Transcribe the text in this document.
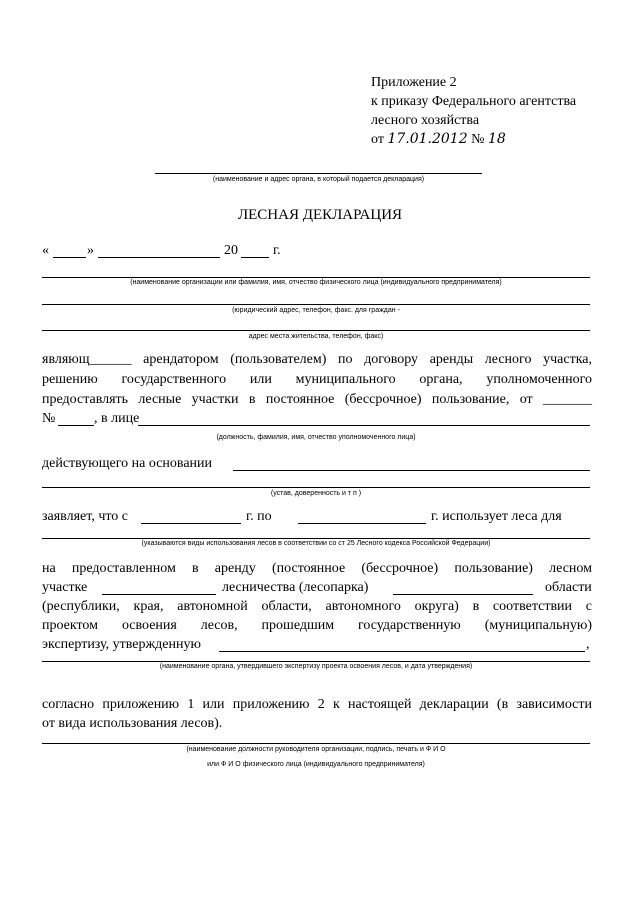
Приложение 2
к приказу Федерального агентства
лесного хозяйства
от 17.01.2012 № 18
(наименование и адрес органа, в который подается декларация)
ЛЕСНАЯ ДЕКЛАРАЦИЯ
«	»	20	г.
(наименование организации или фамилия, имя, отчество физического лица (индивидуального предпринимателя)
(юридический адрес, телефон, факс. для граждан -
адрес места жительства, телефон, факс)
являющ______ арендатором (пользователем) по договору аренды лесного участка,
решению государственного или муниципального органа, уполномоченного
предоставлять лесные участки в постоянное (бессрочное) пользование, от _______
№	, в лице
(должность, фамилия, имя, отчество уполномоченного лица)
действующего на основании
(устав, доверенность и т п )
заявляет, что с	г. по	г. использует леса для
(указываются виды использования лесов в соответствии со ст 25 Лесного кодекса Российской Федерации)
на предоставленном в аренду (постоянное (бессрочное) пользование) лесном
участке	лесничества (лесопарка)	области
(республики, края, автономной области, автономного округа) в соответствии с
проектом освоения лесов, прошедшим государственную (муниципальную)
экспертизу, утвержденную	,
(наименование органа, утвердившего экспертизу проекта освоения лесов, и дата утверждения)
согласно приложению 1 или приложению 2 к настоящей декларации (в зависимости
от вида использования лесов).
(наименование должности руководителя организации, подпись, печать и Ф И О
или Ф И О физического лица (индивидуального предпринимателя)
